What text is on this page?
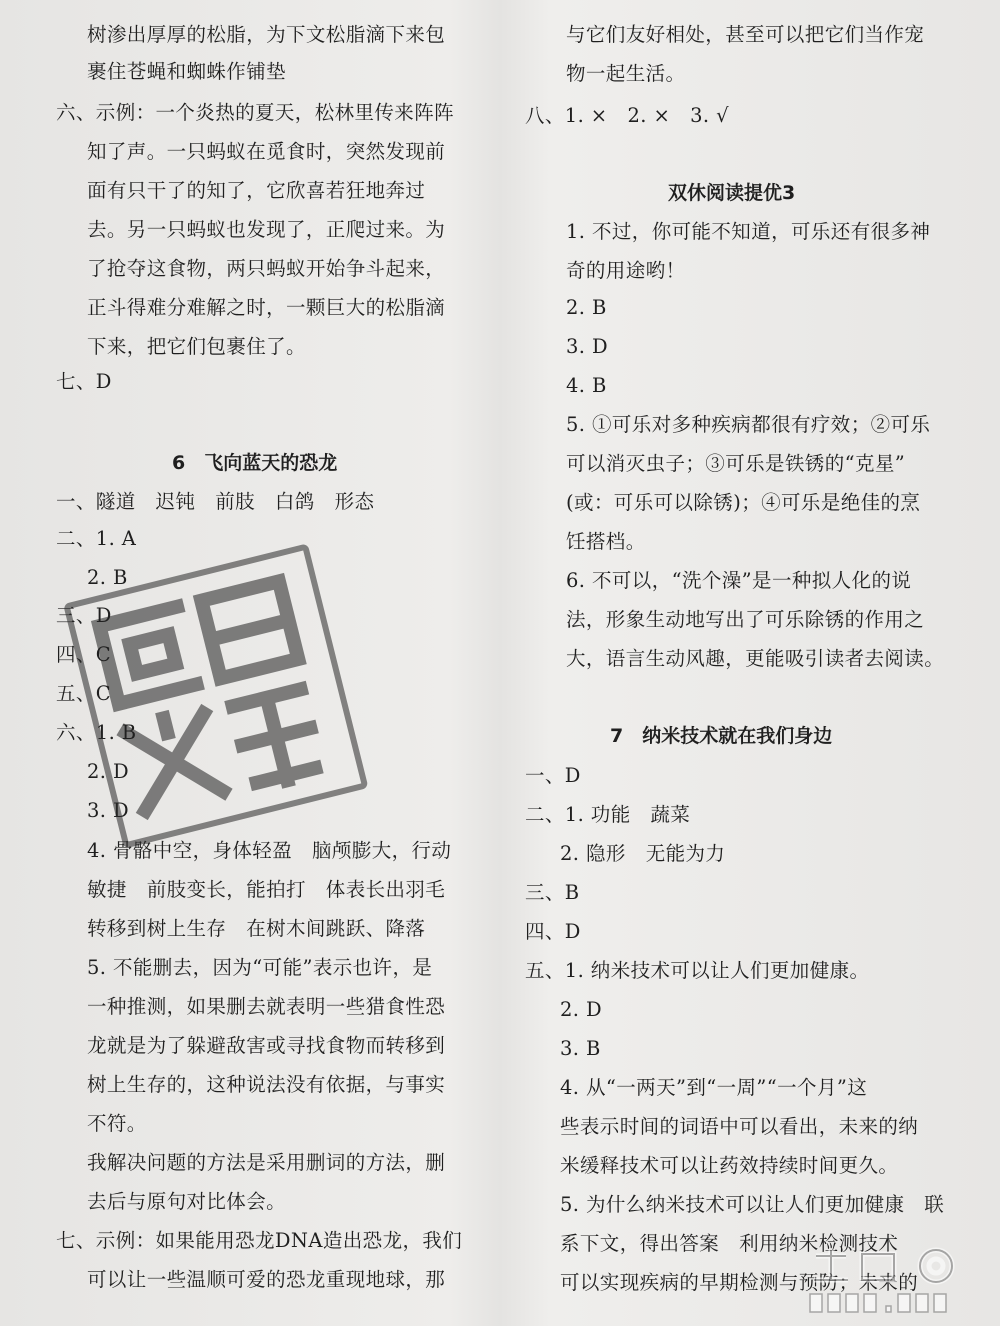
树渗出厚厚的松脂，为下文松脂滴下来包
裹住苍蝇和蜘蛛作铺垫
六、示例：一个炎热的夏天，松林里传来阵阵
知了声。一只蚂蚁在觅食时，突然发现前
面有只干了的知了，它欣喜若狂地奔过
去。另一只蚂蚁也发现了，正爬过来。为
了抢夺这食物，两只蚂蚁开始争斗起来，
正斗得难分难解之时，一颗巨大的松脂滴
下来，把它们包裹住了。
七、D
6　飞向蓝天的恐龙
一、隧道　迟钝　前肢　白鸽　形态
二、1. A
2. B
三、D
四、C
五、C
六、1. B
2. D
3. D
4. 骨骼中空，身体轻盈　脑颅膨大，行动
敏捷　前肢变长，能拍打　体表长出羽毛
转移到树上生存　在树木间跳跃、降落
5. 不能删去，因为“可能”表示也许，是
一种推测，如果删去就表明一些猎食性恐
龙就是为了躲避敌害或寻找食物而转移到
树上生存的，这种说法没有依据，与事实
不符。
我解决问题的方法是采用删词的方法，删
去后与原句对比体会。
七、示例：如果能用恐龙DNA造出恐龙，我们
可以让一些温顺可爱的恐龙重现地球，那
与它们友好相处，甚至可以把它们当作宠
物一起生活。
八、1. ×　2. ×　3. √
双休阅读提优3
1. 不过，你可能不知道，可乐还有很多神
奇的用途哟！
2. B
3. D
4. B
5. ①可乐对多种疾病都很有疗效；②可乐
可以消灭虫子；③可乐是铁锈的“克星”
(或：可乐可以除锈)；④可乐是绝佳的烹
饪搭档。
6. 不可以，“洗个澡”是一种拟人化的说
法，形象生动地写出了可乐除锈的作用之
大，语言生动风趣，更能吸引读者去阅读。
7　纳米技术就在我们身边
一、D
二、1. 功能　蔬菜
2. 隐形　无能为力
三、B
四、D
五、1. 纳米技术可以让人们更加健康。
2. D
3. B
4. 从“一两天”到“一周”“一个月”这
些表示时间的词语中可以看出，未来的纳
米缓释技术可以让药效持续时间更久。
5. 为什么纳米技术可以让人们更加健康　联
系下文，得出答案　利用纳米检测技术
可以实现疾病的早期检测与预防；未来的
